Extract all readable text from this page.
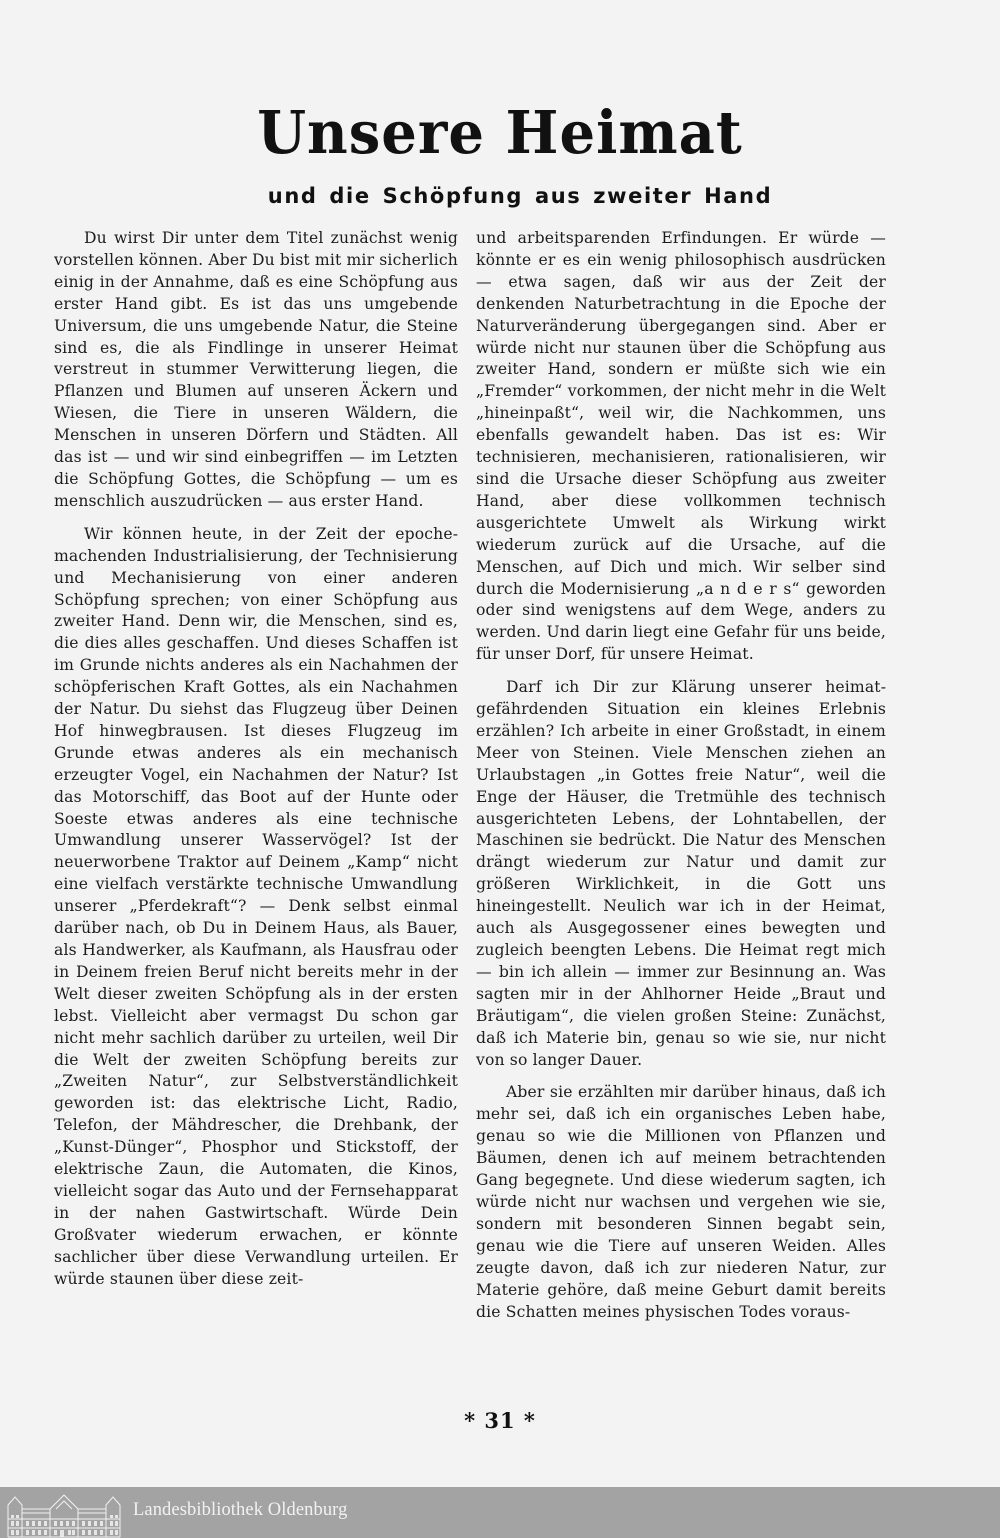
Unsere Heimat
und die Schöpfung aus zweiter Hand

Du wirst Dir unter dem Titel zunächst wenig vorstellen können. Aber Du bist mit mir sicherlich einig in der Annahme, daß es eine Schöpfung aus erster Hand gibt. Es ist das uns umgebende Universum, die uns umgebende Natur, die Steine sind es, die als Findlinge in unserer Heimat verstreut in stummer Verwitterung liegen, die Pflanzen und Blumen auf unseren Äckern und Wiesen, die Tiere in unseren Wäldern, die Menschen in unseren Dörfern und Städten. All das ist — und wir sind einbegriffen — im Letzten die Schöpfung Gottes, die Schöpfung — um es menschlich auszudrücken — aus erster Hand.

Wir können heute, in der Zeit der epochemachenden Industrialisierung, der Technisierung und Mechanisierung von einer anderen Schöpfung sprechen; von einer Schöpfung aus zweiter Hand. Denn wir, die Menschen, sind es, die dies alles geschaffen. Und dieses Schaffen ist im Grunde nichts anderes als ein Nachahmen der schöpferischen Kraft Gottes, als ein Nachahmen der Natur. Du siehst das Flugzeug über Deinen Hof hinwegbrausen. Ist dieses Flugzeug im Grunde etwas anderes als ein mechanisch erzeugter Vogel, ein Nachahmen der Natur? Ist das Motorschiff, das Boot auf der Hunte oder Soeste etwas anderes als eine technische Umwandlung unserer Wasservögel? Ist der neuerworbene Traktor auf Deinem „Kamp“ nicht eine vielfach verstärkte technische Umwandlung unserer „Pferdekraft“? — Denk selbst einmal darüber nach, ob Du in Deinem Haus, als Bauer, als Handwerker, als Kaufmann, als Hausfrau oder in Deinem freien Beruf nicht bereits mehr in der Welt dieser zweiten Schöpfung als in der ersten lebst. Vielleicht aber vermagst Du schon gar nicht mehr sachlich darüber zu urteilen, weil Dir die Welt der zweiten Schöpfung bereits zur „Zweiten Natur“, zur Selbstverständlichkeit geworden ist: das elektrische Licht, Radio, Telefon, der Mähdrescher, die Drehbank, der „Kunst-Dünger“, Phosphor und Stickstoff, der elektrische Zaun, die Automaten, die Kinos, vielleicht sogar das Auto und der Fernsehapparat in der nahen Gastwirtschaft. Würde Dein Großvater wiederum erwachen, er könnte sachlicher über diese Verwandlung urteilen. Er würde staunen über diese zeit-

und arbeitsparenden Erfindungen. Er würde — könnte er es ein wenig philosophisch ausdrücken — etwa sagen, daß wir aus der Zeit der denkenden Naturbetrachtung in die Epoche der Naturveränderung übergegangen sind. Aber er würde nicht nur staunen über die Schöpfung aus zweiter Hand, sondern er müßte sich wie ein „Fremder“ vorkommen, der nicht mehr in die Welt „hineinpaßt“, weil wir, die Nachkommen, uns ebenfalls gewandelt haben. Das ist es: Wir technisieren, mechanisieren, rationalisieren, wir sind die Ursache dieser Schöpfung aus zweiter Hand, aber diese vollkommen technisch ausgerichtete Umwelt als Wirkung wirkt wiederum zurück auf die Ursache, auf die Menschen, auf Dich und mich. Wir selber sind durch die Modernisierung „a n d e r s“ geworden oder sind wenigstens auf dem Wege, anders zu werden. Und darin liegt eine Gefahr für uns beide, für unser Dorf, für unsere Heimat.

Darf ich Dir zur Klärung unserer heimatgefährdenden Situation ein kleines Erlebnis erzählen? Ich arbeite in einer Großstadt, in einem Meer von Steinen. Viele Menschen ziehen an Urlaubstagen „in Gottes freie Natur“, weil die Enge der Häuser, die Tretmühle des technisch ausgerichteten Lebens, der Lohntabellen, der Maschinen sie bedrückt. Die Natur des Menschen drängt wiederum zur Natur und damit zur größeren Wirklichkeit, in die Gott uns hineingestellt. Neulich war ich in der Heimat, auch als Ausgegossener eines bewegten und zugleich beengten Lebens. Die Heimat regt mich — bin ich allein — immer zur Besinnung an. Was sagten mir in der Ahlhorner Heide „Braut und Bräutigam“, die vielen großen Steine: Zunächst, daß ich Materie bin, genau so wie sie, nur nicht von so langer Dauer.

Aber sie erzählten mir darüber hinaus, daß ich mehr sei, daß ich ein organisches Leben habe, genau so wie die Millionen von Pflanzen und Bäumen, denen ich auf meinem betrachtenden Gang begegnete. Und diese wiederum sagten, ich würde nicht nur wachsen und vergehen wie sie, sondern mit besonderen Sinnen begabt sein, genau wie die Tiere auf unseren Weiden. Alles zeugte davon, daß ich zur niederen Natur, zur Materie gehöre, daß meine Geburt damit bereits die Schatten meines physischen Todes voraus-

* 31 *
Landesbibliothek Oldenburg
